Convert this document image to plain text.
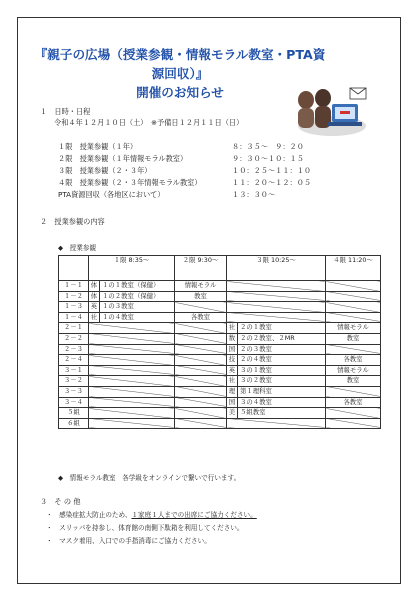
『親子の広場（授業参観・情報モラル教室・PTA資源回収）』
開催のお知らせ
１　日時・日程
令和４年１２月１０日（土）　※予備日１２月１１日（日）
１限　授業参観（１年）	８：３５～　９：２０
２限　授業参観（１年情報モラル教室）	９：３０～１０：１５
３限　授業参観（２・３年）	１０：２５～１１：１０
４限　授業参観（２・３年情報モラル教室）	１１：２０～１２：０５
PTA資源回収（各地区において）	１３：３０～
２　授業参観の内容
◆　授業参観
	１限 8:35～		２限 9:30～	３限 10:25～		４限 11:20～
１－１	体	１の１教室（保健）	情報モラル			
１－２	体	１の２教室（保健）	教室			
１－３	英	１の３教室				
１－４	社	１の４教室	各教室			
２－１				社	２の１教室	情報モラル
２－２				数	２の２教室、２MR	教室
２－３				国	２の３教室	
２－４				技	２の４教室	各教室
３－１				英	３の１教室	情報モラル
３－２				社	３の２教室	教室
３－３				理	第１理科室	
３－４				国	３の４教室	各教室
５組				美	５組教室	
６組						
◆　情報モラル教室　各学級をオンラインで繋いで行います。
３　そ の 他
・　感染症拡大防止のため、１家庭１人までの出席にご協力ください。
・　スリッパを持参し、体育館の南側下駄箱を利用してください。
・　マスク着用、入口での手指消毒にご協力ください。
